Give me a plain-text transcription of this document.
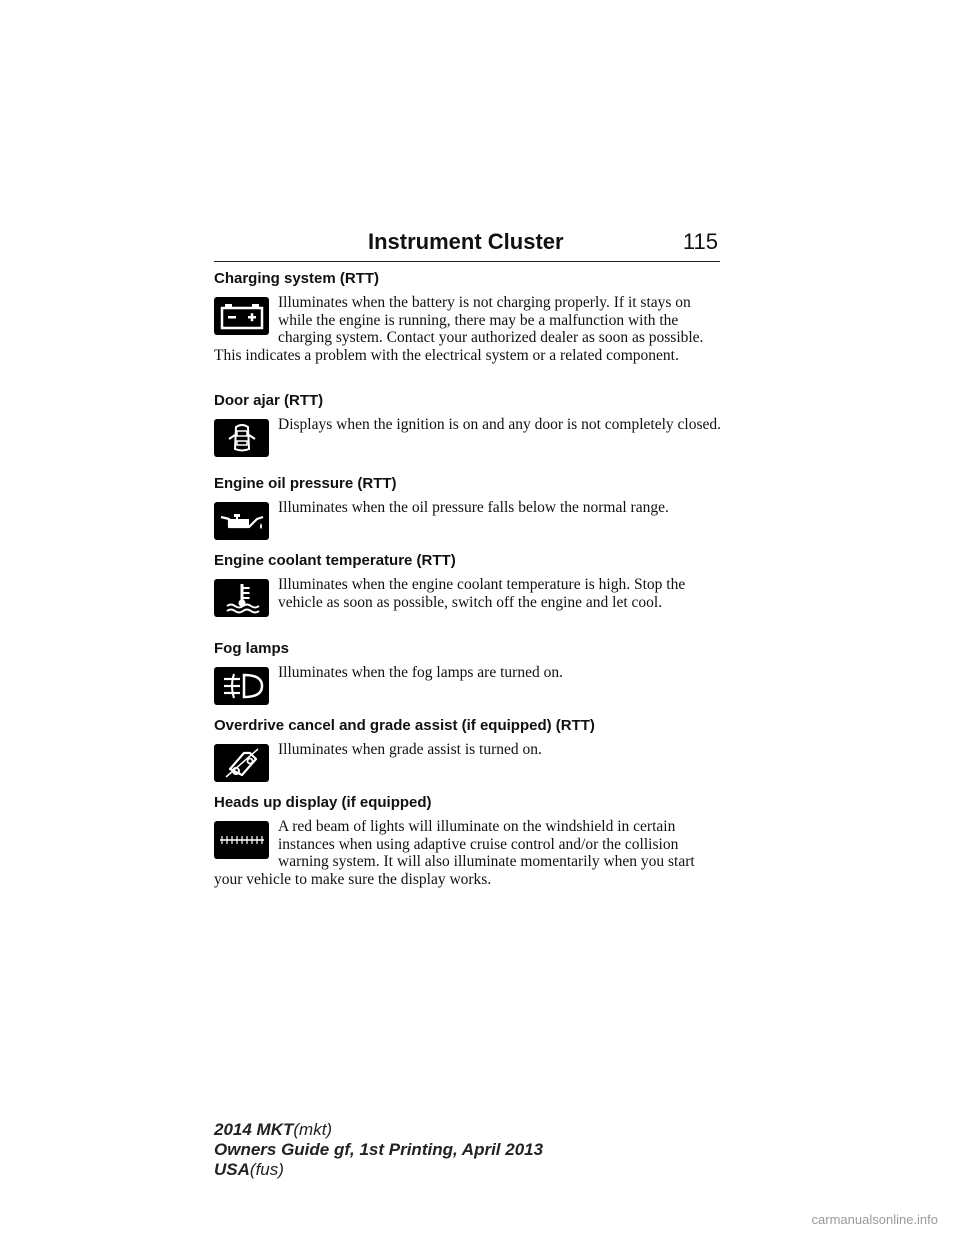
Instrument Cluster	115
Charging system (RTT)
Illuminates when the battery is not charging properly. If it stays on while the engine is running, there may be a malfunction with the charging system. Contact your authorized dealer as soon as possible. This indicates a problem with the electrical system or a related component.
Door ajar (RTT)
Displays when the ignition is on and any door is not completely closed.
Engine oil pressure (RTT)
Illuminates when the oil pressure falls below the normal range.
Engine coolant temperature (RTT)
Illuminates when the engine coolant temperature is high. Stop the vehicle as soon as possible, switch off the engine and let cool.
Fog lamps
Illuminates when the fog lamps are turned on.
Overdrive cancel and grade assist (if equipped) (RTT)
Illuminates when grade assist is turned on.
Heads up display (if equipped)
A red beam of lights will illuminate on the windshield in certain instances when using adaptive cruise control and/or the collision warning system. It will also illuminate momentarily when you start your vehicle to make sure the display works.
2014 MKT(mkt)
Owners Guide gf, 1st Printing, April 2013
USA(fus)
carmanualsonline.info
